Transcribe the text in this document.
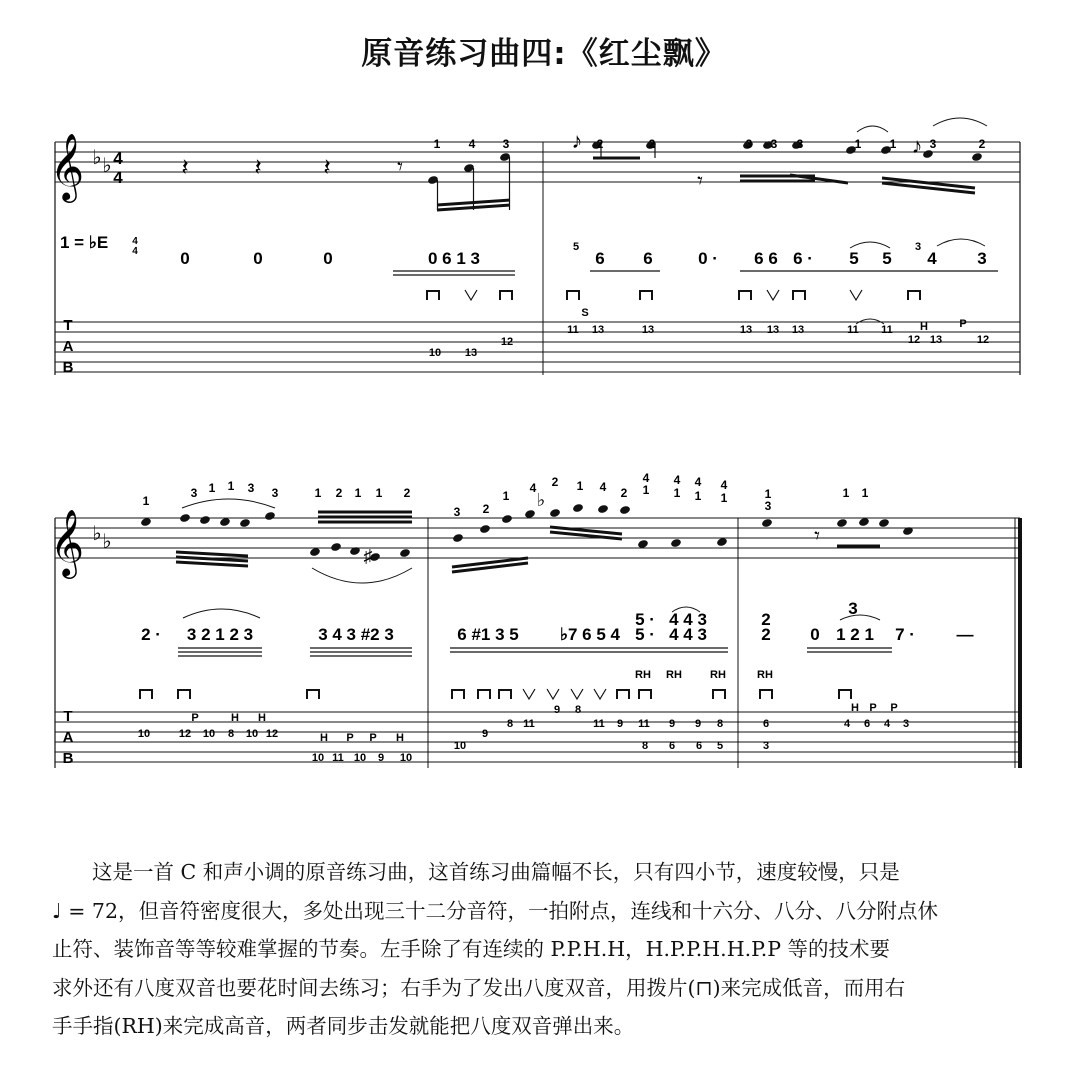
原音练习曲四:《红尘飘》
𝄞 ♭ ♭ 4
4 𝄽	𝄽	𝄽	𝄾
𝄾
♪	♪
1 4 3	2	2	3 3 3	1 1	3	2
1 = ♭E 4
4 0	0	0	0 6 1 3
5
6 6	0 · 6 6 6 · 5 5
3
4 3
T
A
B
10 13
12
S
11 13	13	13 13 13	11 11 H
12 13
P
12
𝄞 ♭ ♭	𝄾
♭
♯
1
3 1 1 3 3	1 2 1 1 2
3 2
1
4 2 1 4 2
4
1
4
1
4
1
4
1	1
3
1 1
2 · 3 2 1 2 3	3 4 3 #2 3	6 #1 3 5 ♭7 6 5 4
5 · 4 4 3
5 · 4 4 3
2
2 0 1 2 1 7 ·
3
—
RH RH	RH	RH
T
A
B
10
P	H H
12 10 8 10 12	H P P H
10 11 10 9 10
10
9
8 11
9 8
11 9 11 9 9 8
8 6 6 5
6
3
H P P
4 6 4 3
这是一首 C 和声小调的原音练习曲，这首练习曲篇幅不长，只有四小节，速度较慢，只是
♩ = 72，但音符密度很大，多处出现三十二分音符，一拍附点，连线和十六分、八分、八分附点休
止符、装饰音等等较难掌握的节奏。左手除了有连续的 P.P.H.H，H.P.P.H.H.P.P 等的技术要
求外还有八度双音也要花时间去练习；右手为了发出八度双音，用拨片(⊓)来完成低音，而用右
手手指(RH)来完成高音，两者同步击发就能把八度双音弹出来。
